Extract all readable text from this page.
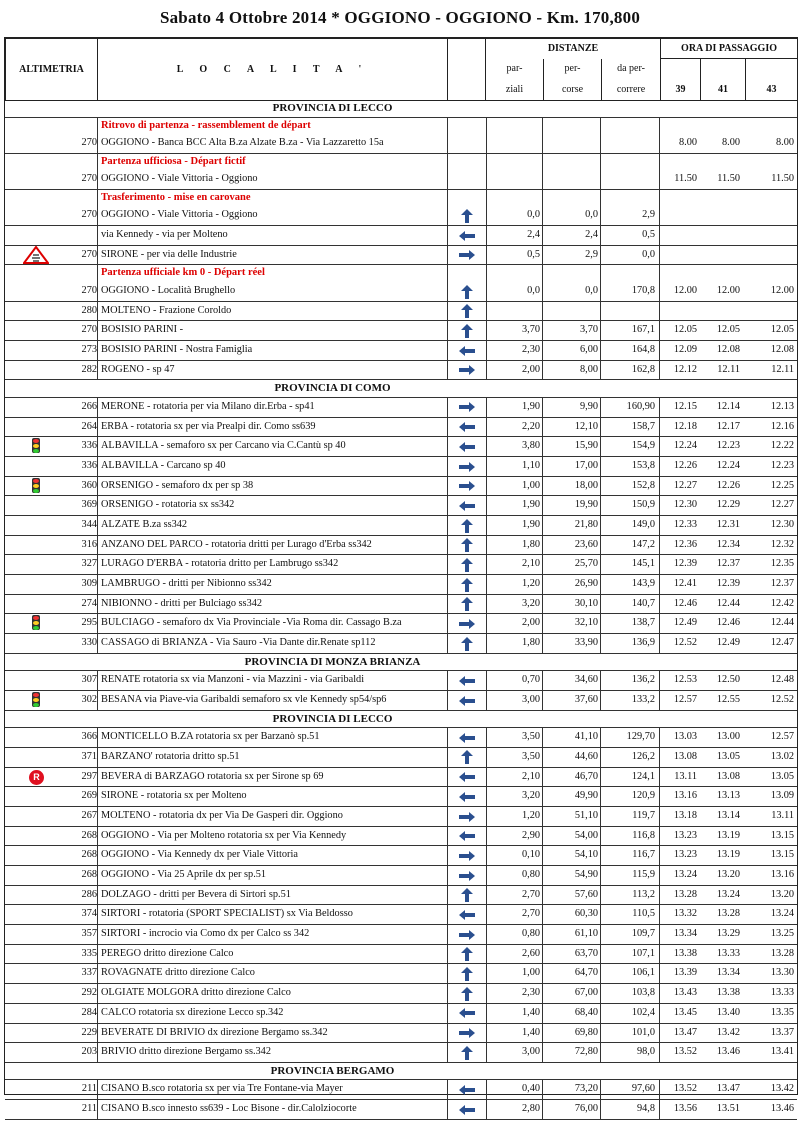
Sabato 4 Ottobre 2014 * OGGIONO - OGGIONO - Km. 170,800
ALTIMETRIA	L O C A L I T A '		DISTANZE			ORA DI PASSAGGIO		
			par-	per-	da per-			
			ziali	corse	correre	39	41	43
PROVINCIA DI LECCO
Ritrovo di partenza - rassemblement de départ
270 OGGIONO - Banca BCC Alta B.za Alzate B.za - Via Lazzaretto 15a	8.00	8.00	8.00
Partenza ufficiosa - Départ fictif
270 OGGIONO - Viale Vittoria - Oggiono	11.50	11.50	11.50
Trasferimento - mise en carovane
270 OGGIONO - Viale Vittoria - Oggiono	0,0	0,0	2,9
via Kennedy - via per Molteno	2,4	2,4	0,5
270 SIRONE - per via delle Industrie	0,5	2,9	0,0
Partenza ufficiale km 0 - Départ réel
270 OGGIONO - Località Brughello	0,0	0,0	170,8	12.00	12.00	12.00
280 MOLTENO - Frazione Coroldo
270 BOSISIO PARINI -	3,70	3,70	167,1	12.05	12.05	12.05
273 BOSISIO PARINI - Nostra Famiglia	2,30	6,00	164,8	12.09	12.08	12.08
282 ROGENO - sp 47	2,00	8,00	162,8	12.12	12.11	12.11
PROVINCIA DI COMO
266 MERONE - rotatoria per via Milano dir.Erba - sp41	1,90	9,90	160,90	12.15	12.14	12.13
264 ERBA - rotatoria sx per via Prealpi dir. Como ss639	2,20	12,10	158,7	12.18	12.17	12.16
336 ALBAVILLA - semaforo sx per Carcano via C.Cantù sp 40	3,80	15,90	154,9	12.24	12.23	12.22
336 ALBAVILLA - Carcano sp 40	1,10	17,00	153,8	12.26	12.24	12.23
360 ORSENIGO - semaforo dx per sp 38	1,00	18,00	152,8	12.27	12.26	12.25
369 ORSENIGO - rotatoria sx ss342	1,90	19,90	150,9	12.30	12.29	12.27
344 ALZATE B.za ss342	1,90	21,80	149,0	12.33	12.31	12.30
316 ANZANO DEL PARCO - rotatoria dritti per Lurago d'Erba ss342	1,80	23,60	147,2	12.36	12.34	12.32
327 LURAGO D'ERBA - rotatoria dritto per Lambrugo ss342	2,10	25,70	145,1	12.39	12.37	12.35
309 LAMBRUGO - dritti per Nibionno ss342	1,20	26,90	143,9	12.41	12.39	12.37
274 NIBIONNO - dritti per Bulciago ss342	3,20	30,10	140,7	12.46	12.44	12.42
295 BULCIAGO - semaforo dx Via Provinciale -Via Roma dir. Cassago B.za	2,00	32,10	138,7	12.49	12.46	12.44
330 CASSAGO di BRIANZA - Via Sauro -Via Dante dir.Renate sp112	1,80	33,90	136,9	12.52	12.49	12.47
PROVINCIA DI MONZA BRIANZA
307 RENATE rotatoria sx via Manzoni - via Mazzini - via Garibaldi	0,70	34,60	136,2	12.53	12.50	12.48
302 BESANA via Piave-via Garibaldi semaforo sx vle Kennedy sp54/sp6	3,00	37,60	133,2	12.57	12.55	12.52
PROVINCIA DI LECCO
366 MONTICELLO B.ZA rotatoria sx per Barzanò sp.51	3,50	41,10	129,70	13.03	13.00	12.57
371 BARZANO' rotatoria dritto sp.51	3,50	44,60	126,2	13.08	13.05	13.02
R	297 BEVERA di BARZAGO rotatoria sx per Sirone sp 69	2,10	46,70	124,1	13.11	13.08	13.05
269 SIRONE - rotatoria sx per Molteno	3,20	49,90	120,9	13.16	13.13	13.09
267 MOLTENO - rotatoria dx per Via De Gasperi dir. Oggiono	1,20	51,10	119,7	13.18	13.14	13.11
268 OGGIONO - Via per Molteno rotatoria sx per Via Kennedy	2,90	54,00	116,8	13.23	13.19	13.15
268 OGGIONO - Via Kennedy dx per Viale Vittoria	0,10	54,10	116,7	13.23	13.19	13.15
268 OGGIONO - Via 25 Aprile dx per sp.51	0,80	54,90	115,9	13.24	13.20	13.16
286 DOLZAGO - dritti per Bevera di Sirtori sp.51	2,70	57,60	113,2	13.28	13.24	13.20
374 SIRTORI - rotatoria (SPORT SPECIALIST) sx Via Beldosso	2,70	60,30	110,5	13.32	13.28	13.24
357 SIRTORI - incrocio via Como dx per Calco ss 342	0,80	61,10	109,7	13.34	13.29	13.25
335 PEREGO dritto direzione Calco	2,60	63,70	107,1	13.38	13.33	13.28
337 ROVAGNATE dritto direzione Calco	1,00	64,70	106,1	13.39	13.34	13.30
292 OLGIATE MOLGORA dritto direzione Calco	2,30	67,00	103,8	13.43	13.38	13.33
284 CALCO rotatoria sx direzione Lecco sp.342	1,40	68,40	102,4	13.45	13.40	13.35
229 BEVERATE DI BRIVIO dx direzione Bergamo ss.342	1,40	69,80	101,0	13.47	13.42	13.37
203 BRIVIO dritto direzione Bergamo ss.342	3,00	72,80	98,0	13.52	13.46	13.41
PROVINCIA BERGAMO
211 CISANO B.sco rotatoria sx per via Tre Fontane-via Mayer	0,40	73,20	97,60	13.52	13.47	13.42
211 CISANO B.sco innesto ss639 - Loc Bisone - dir.Calolziocorte	2,80	76,00	94,8	13.56	13.51	13.46
